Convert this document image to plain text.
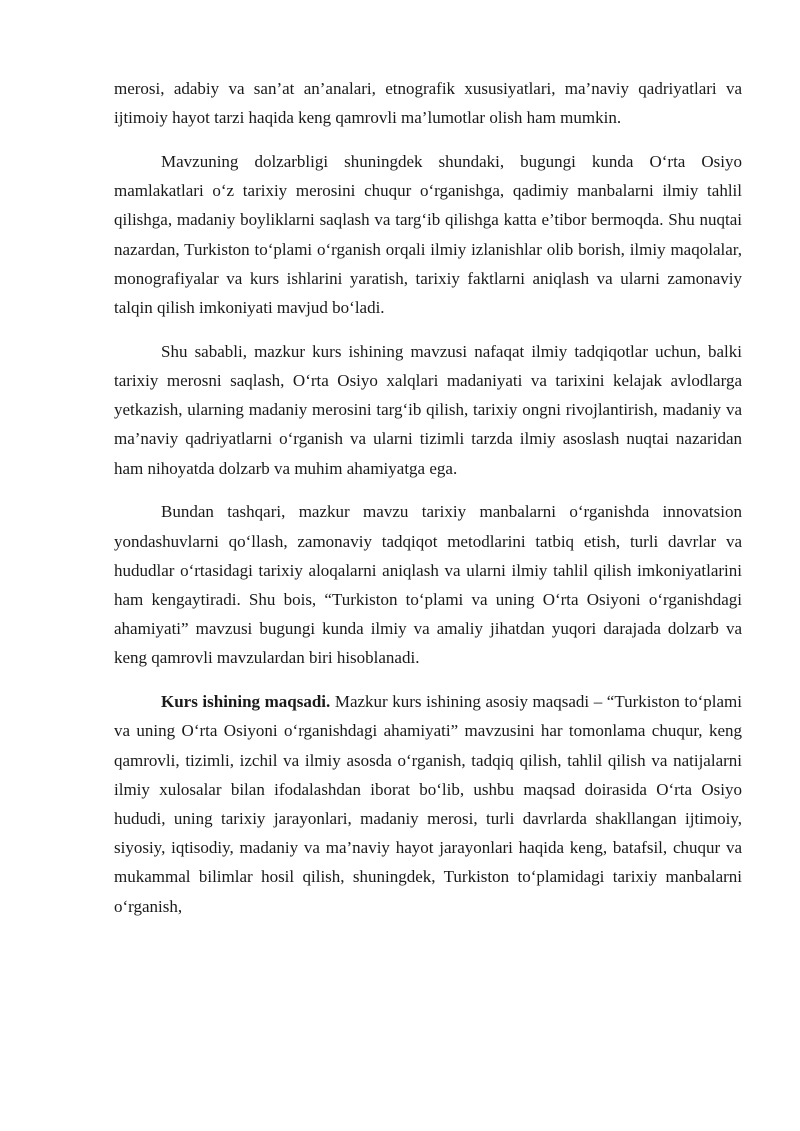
merosi, adabiy va san’at an’analari, etnografik xususiyatlari, ma’naviy qadriyatlari va ijtimoiy hayot tarzi haqida keng qamrovli ma’lumotlar olish ham mumkin.

Mavzuning dolzarbligi shuningdek shundaki, bugungi kunda O‘rta Osiyo mamlakatlari o‘z tarixiy merosini chuqur o‘rganishga, qadimiy manbalarni ilmiy tahlil qilishga, madaniy boyliklarni saqlash va targ‘ib qilishga katta e’tibor bermoqda. Shu nuqtai nazardan, Turkiston to‘plami o‘rganish orqali ilmiy izlanishlar olib borish, ilmiy maqolalar, monografiyalar va kurs ishlarini yaratish, tarixiy faktlarni aniqlash va ularni zamonaviy talqin qilish imkoniyati mavjud bo‘ladi.

Shu sababli, mazkur kurs ishining mavzusi nafaqat ilmiy tadqiqotlar uchun, balki tarixiy merosni saqlash, O‘rta Osiyo xalqlari madaniyati va tarixini kelajak avlodlarga yetkazish, ularning madaniy merosini targ‘ib qilish, tarixiy ongni rivojlantirish, madaniy va ma’naviy qadriyatlarni o‘rganish va ularni tizimli tarzda ilmiy asoslash nuqtai nazaridan ham nihoyatda dolzarb va muhim ahamiyatga ega.

Bundan tashqari, mazkur mavzu tarixiy manbalarni o‘rganishda innovatsion yondashuvlarni qo‘llash, zamonaviy tadqiqot metodlarini tatbiq etish, turli davrlar va hududlar o‘rtasidagi tarixiy aloqalarni aniqlash va ularni ilmiy tahlil qilish imkoniyatlarini ham kengaytiradi. Shu bois, “Turkiston to‘plami va uning O‘rta Osiyoni o‘rganishdagi ahamiyati” mavzusi bugungi kunda ilmiy va amaliy jihatdan yuqori darajada dolzarb va keng qamrovli mavzulardan biri hisoblanadi.

Kurs ishining maqsadi. Mazkur kurs ishining asosiy maqsadi – “Turkiston to‘plami va uning O‘rta Osiyoni o‘rganishdagi ahamiyati” mavzusini har tomonlama chuqur, keng qamrovli, tizimli, izchil va ilmiy asosda o‘rganish, tadqiq qilish, tahlil qilish va natijalarni ilmiy xulosalar bilan ifodalashdan iborat bo‘lib, ushbu maqsad doirasida O‘rta Osiyo hududi, uning tarixiy jarayonlari, madaniy merosi, turli davrlarda shakllangan ijtimoiy, siyosiy, iqtisodiy, madaniy va ma’naviy hayot jarayonlari haqida keng, batafsil, chuqur va mukammal bilimlar hosil qilish, shuningdek, Turkiston to‘plamidagi tarixiy manbalarni o‘rganish,
